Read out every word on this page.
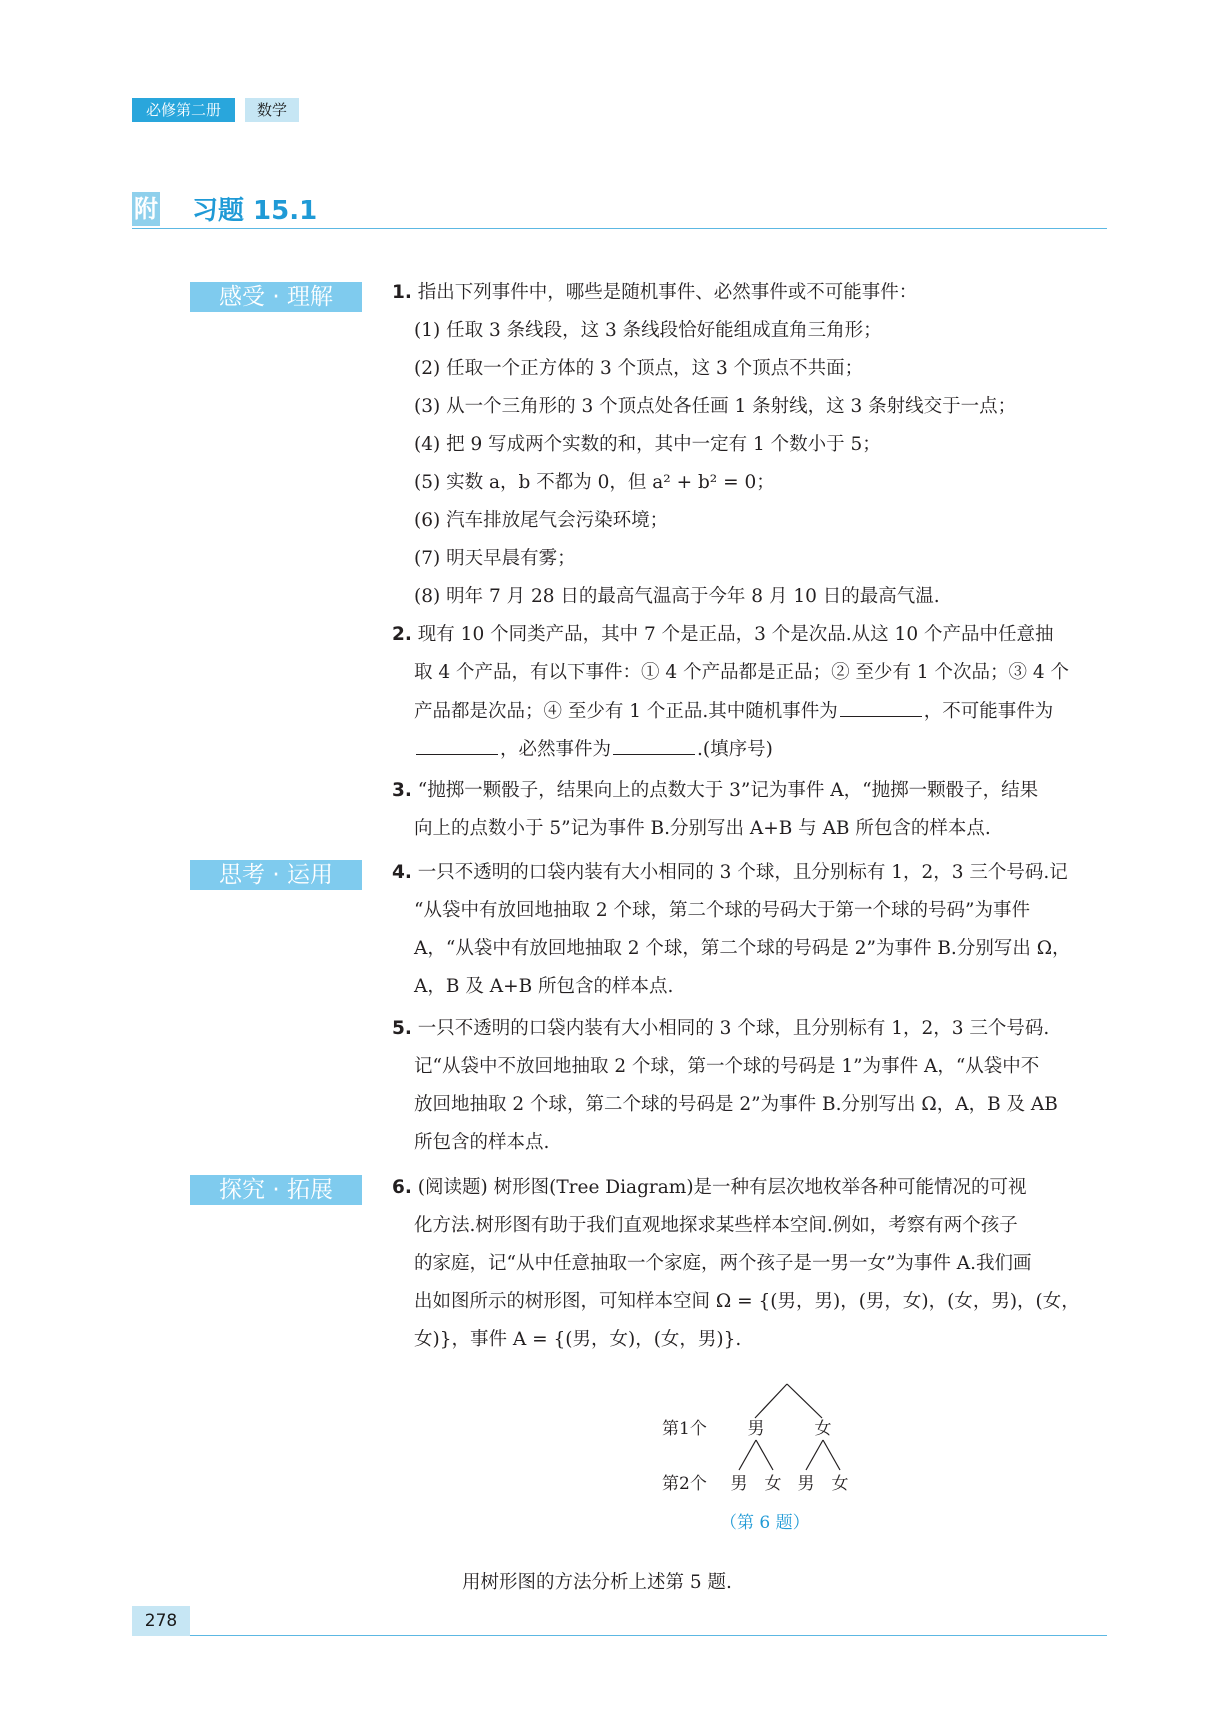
必修第二册	数学
附 习题 15.1
感受 · 理解
思考 · 运用
探究 · 拓展
1. 指出下列事件中，哪些是随机事件、必然事件或不可能事件：
(1) 任取 3 条线段，这 3 条线段恰好能组成直角三角形；
(2) 任取一个正方体的 3 个顶点，这 3 个顶点不共面；
(3) 从一个三角形的 3 个顶点处各任画 1 条射线，这 3 条射线交于一点；
(4) 把 9 写成两个实数的和，其中一定有 1 个数小于 5；
(5) 实数 a，b 不都为 0，但 a² + b² = 0；
(6) 汽车排放尾气会污染环境；
(7) 明天早晨有雾；
(8) 明年 7 月 28 日的最高气温高于今年 8 月 10 日的最高气温.
2. 现有 10 个同类产品，其中 7 个是正品，3 个是次品.从这 10 个产品中任意抽
取 4 个产品，有以下事件：① 4 个产品都是正品；② 至少有 1 个次品；③ 4 个
产品都是次品；④ 至少有 1 个正品.其中随机事件为	，不可能事件为
，必然事件为	.(填序号)
3. “抛掷一颗骰子，结果向上的点数大于 3”记为事件 A，“抛掷一颗骰子，结果
向上的点数小于 5”记为事件 B.分别写出 A+B 与 AB 所包含的样本点.
4. 一只不透明的口袋内装有大小相同的 3 个球，且分别标有 1，2，3 三个号码.记
“从袋中有放回地抽取 2 个球，第二个球的号码大于第一个球的号码”为事件
A，“从袋中有放回地抽取 2 个球，第二个球的号码是 2”为事件 B.分别写出 Ω，
A，B 及 A+B 所包含的样本点.
5. 一只不透明的口袋内装有大小相同的 3 个球，且分别标有 1，2，3 三个号码.
记“从袋中不放回地抽取 2 个球，第一个球的号码是 1”为事件 A，“从袋中不
放回地抽取 2 个球，第二个球的号码是 2”为事件 B.分别写出 Ω，A，B 及 AB
所包含的样本点.
6. (阅读题) 树形图(Tree Diagram)是一种有层次地枚举各种可能情况的可视
化方法.树形图有助于我们直观地探求某些样本空间.例如，考察有两个孩子
的家庭，记“从中任意抽取一个家庭，两个孩子是一男一女”为事件 A.我们画
出如图所示的树形图，可知样本空间 Ω = {(男，男)，(男，女)，(女，男)，(女，
女)}，事件 A = {(男，女)，(女，男)}.
第1个
第2个
男	女
男 女 男 女
（第 6 题）
用树形图的方法分析上述第 5 题.
278
